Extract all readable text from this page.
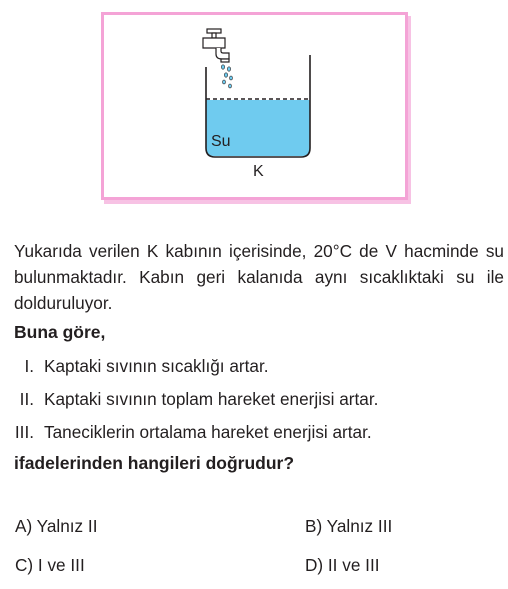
Su
K
Yukarıda verilen K kabının içerisinde, 20°C de V hacminde su bulunmaktadır. Kabın geri kalanıda aynı sıcaklıktaki su ile dolduruluyor.
Buna göre,
I. Kaptaki sıvının sıcaklığı artar.
II. Kaptaki sıvının toplam hareket enerjisi artar.
III. Taneciklerin ortalama hareket enerjisi artar.
ifadelerinden hangileri doğrudur?
A) Yalnız II	B) Yalnız III
C) I ve III	D) II ve III
